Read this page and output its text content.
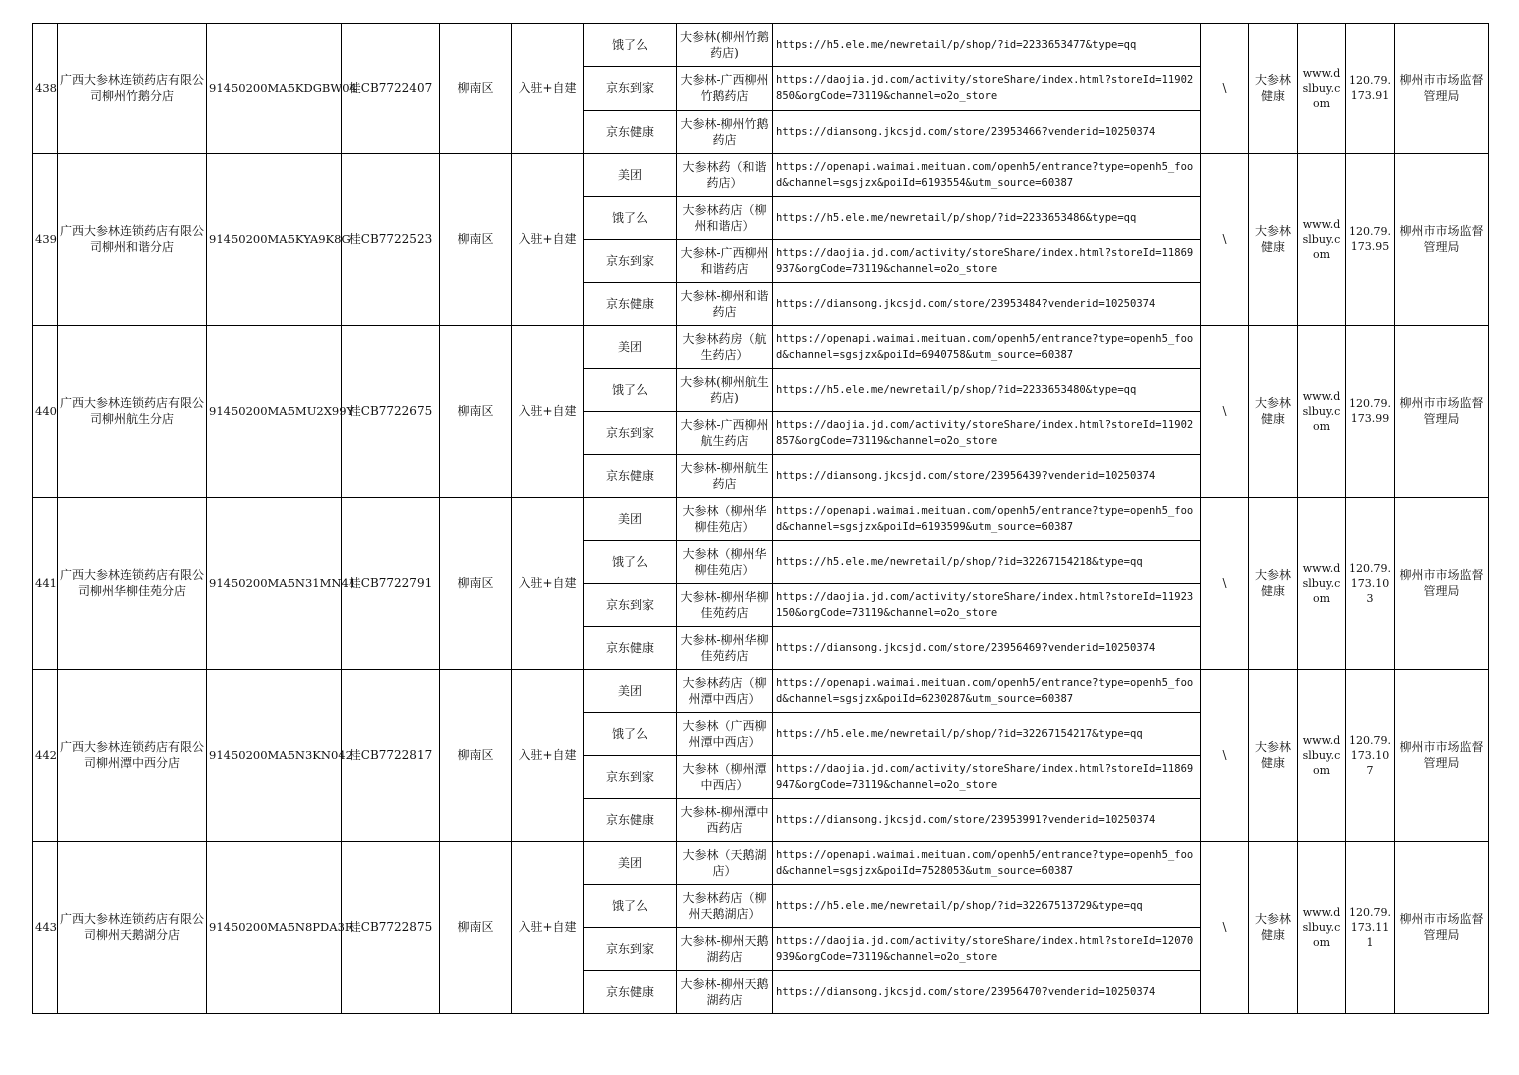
438	广西大参林连锁药店有限公司柳州竹鹅分店	91450200MA5KDGBW04	桂CB7722407	柳南区	入驻+自建	饿了么	大参林(柳州竹鹅药店)	https://h5.ele.me/newretail/p/shop/?id=2233653477&type=qq	\	大参林健康	www.dslbuy.com	120.79.173.91	柳州市市场监督管理局
						京东到家	大参林-广西柳州竹鹅药店	https://daojia.jd.com/activity/storeShare/index.html?storeId=11902850&orgCode=73119&channel=o2o_store					
						京东健康	大参林-柳州竹鹅药店	https://diansong.jkcsjd.com/store/23953466?venderid=10250374					
439	广西大参林连锁药店有限公司柳州和谐分店	91450200MA5KYA9K8G	桂CB7722523	柳南区	入驻+自建	美团	大参林药（和谐药店）	https://openapi.waimai.meituan.com/openh5/entrance?type=openh5_food&channel=sgsjzx&poiId=6193554&utm_source=60387	\	大参林健康	www.dslbuy.com	120.79.173.95	柳州市市场监督管理局
						饿了么	大参林药店（柳州和谐店）	https://h5.ele.me/newretail/p/shop/?id=2233653486&type=qq					
						京东到家	大参林-广西柳州和谐药店	https://daojia.jd.com/activity/storeShare/index.html?storeId=11869937&orgCode=73119&channel=o2o_store					
						京东健康	大参林-柳州和谐药店	https://diansong.jkcsjd.com/store/23953484?venderid=10250374					
440	广西大参林连锁药店有限公司柳州航生分店	91450200MA5MU2X99Y	桂CB7722675	柳南区	入驻+自建	美团	大参林药房（航生药店）	https://openapi.waimai.meituan.com/openh5/entrance?type=openh5_food&channel=sgsjzx&poiId=6940758&utm_source=60387	\	大参林健康	www.dslbuy.com	120.79.173.99	柳州市市场监督管理局
						饿了么	大参林(柳州航生药店)	https://h5.ele.me/newretail/p/shop/?id=2233653480&type=qq					
						京东到家	大参林-广西柳州航生药店	https://daojia.jd.com/activity/storeShare/index.html?storeId=11902857&orgCode=73119&channel=o2o_store					
						京东健康	大参林-柳州航生药店	https://diansong.jkcsjd.com/store/23956439?venderid=10250374					
441	广西大参林连锁药店有限公司柳州华柳佳苑分店	91450200MA5N31MN41	桂CB7722791	柳南区	入驻+自建	美团	大参林（柳州华柳佳苑店）	https://openapi.waimai.meituan.com/openh5/entrance?type=openh5_food&channel=sgsjzx&poiId=6193599&utm_source=60387	\	大参林健康	www.dslbuy.com	120.79.173.103	柳州市市场监督管理局
						饿了么	大参林（柳州华柳佳苑店）	https://h5.ele.me/newretail/p/shop/?id=32267154218&type=qq					
						京东到家	大参林-柳州华柳佳苑药店	https://daojia.jd.com/activity/storeShare/index.html?storeId=11923150&orgCode=73119&channel=o2o_store					
						京东健康	大参林-柳州华柳佳苑药店	https://diansong.jkcsjd.com/store/23956469?venderid=10250374					
442	广西大参林连锁药店有限公司柳州潭中西分店	91450200MA5N3KN042	桂CB7722817	柳南区	入驻+自建	美团	大参林药店（柳州潭中西店）	https://openapi.waimai.meituan.com/openh5/entrance?type=openh5_food&channel=sgsjzx&poiId=6230287&utm_source=60387	\	大参林健康	www.dslbuy.com	120.79.173.107	柳州市市场监督管理局
						饿了么	大参林（广西柳州潭中西店）	https://h5.ele.me/newretail/p/shop/?id=32267154217&type=qq					
						京东到家	大参林（柳州潭中西店）	https://daojia.jd.com/activity/storeShare/index.html?storeId=11869947&orgCode=73119&channel=o2o_store					
						京东健康	大参林-柳州潭中西药店	https://diansong.jkcsjd.com/store/23953991?venderid=10250374					
443	广西大参林连锁药店有限公司柳州天鹅湖分店	91450200MA5N8PDA3R	桂CB7722875	柳南区	入驻+自建	美团	大参林（天鹅湖店）	https://openapi.waimai.meituan.com/openh5/entrance?type=openh5_food&channel=sgsjzx&poiId=7528053&utm_source=60387	\	大参林健康	www.dslbuy.com	120.79.173.111	柳州市市场监督管理局
						饿了么	大参林药店（柳州天鹅湖店）	https://h5.ele.me/newretail/p/shop/?id=32267513729&type=qq					
						京东到家	大参林-柳州天鹅湖药店	https://daojia.jd.com/activity/storeShare/index.html?storeId=12070939&orgCode=73119&channel=o2o_store					
						京东健康	大参林-柳州天鹅湖药店	https://diansong.jkcsjd.com/store/23956470?venderid=10250374					
